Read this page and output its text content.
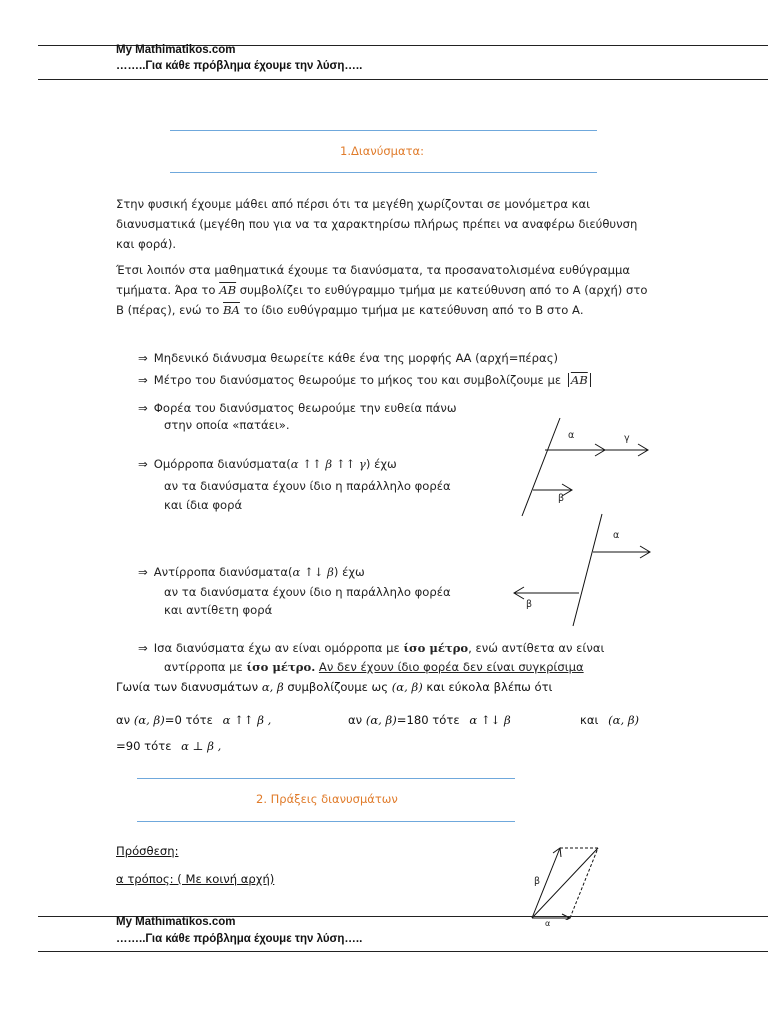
My Mathimatikos.com
……..Για κάθε πρόβλημα έχουμε την λύση…..
1.Διανύσματα:
Στην φυσική έχουμε μάθει από πέρσι ότι τα μεγέθη χωρίζονται σε μονόμετρα και διανυσματικά (μεγέθη που για να τα χαρακτηρίσω πλήρως πρέπει να αναφέρω διεύθυνση και φορά).
Έτσι λοιπόν στα μαθηματικά έχουμε τα διανύσματα, τα προσανατολισμένα ευθύγραμμα τμήματα. Άρα το $\overline{AB}$ συμβολίζει το ευθύγραμμο τμήμα με κατεύθυνση από το Α (αρχή) στο Β (πέρας), ενώ το $\overline{BA}$ το ίδιο ευθύγραμμο τμήμα με κατεύθυνση από το Β στο Α.
⇒ Μηδενικό διάνυσμα θεωρείτε κάθε ένα της μορφής ΑΑ (αρχή=πέρας)
⇒ Μέτρο του διανύσματος θεωρούμε το μήκος του και συμβολίζουμε με $\overline{AB}$
⇒ Φορέα του διανύσματος θεωρούμε την ευθεία πάνω
στην οποία «πατάει».
⇒ Ομόρροπα διανύσματα(α ↑↑ β ↑↑ γ) έχω
αν τα διανύσματα έχουν ίδιο η παράλληλο φορέα
και ίδια φορά
⇒ Αντίρροπα διανύσματα(α ↑↓ β) έχω
αν τα διανύσματα έχουν ίδιο η παράλληλο φορέα
και αντίθετη φορά
⇒ Ισα διανύσματα έχω αν είναι ομόρροπα με ίσο μέτρο, ενώ αντίθετα αν είναι
αντίρροπα με ίσο μέτρο. Αν δεν έχουν ίδιο φορέα δεν είναι συγκρίσιμα
Γωνία των διανυσμάτων α, β συμβολίζουμε ως (α, β) και εύκολα βλέπω ότι
αν (α, β)=0 τότε α ↑↑ β ,	αν (α, β)=180 τότε α ↑↓ β	και (α, β)
=90 τότε α ⊥ β ,
2. Πράξεις διανυσμάτων
Πρόσθεση:
α τρόπος: ( Με κοινή αρχή)
α	γ
β
α
β
β
α
My Mathimatikos.com
……..Για κάθε πρόβλημα έχουμε την λύση…..
